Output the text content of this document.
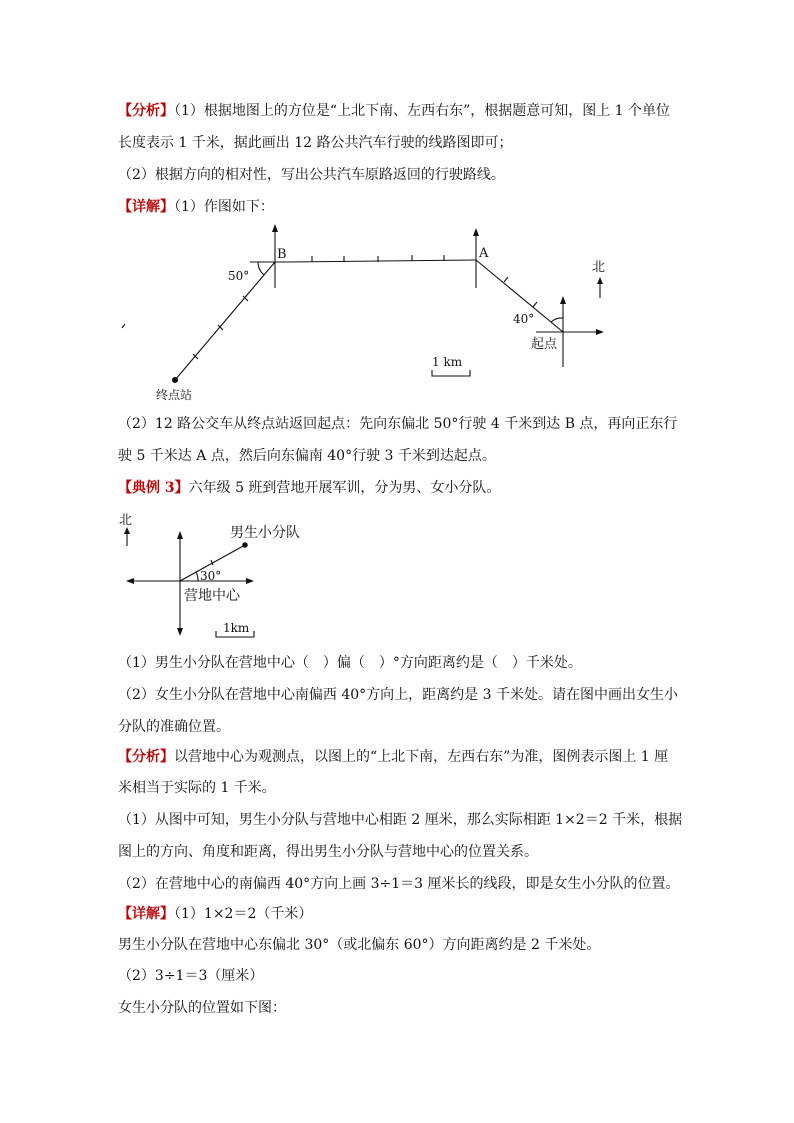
【分析】（1）根据地图上的方位是“上北下南、左西右东”，根据题意可知，图上 1 个单位
长度表示 1 千米，据此画出 12 路公共汽车行驶的线路图即可；
（2）根据方向的相对性，写出公共汽车原路返回的行驶路线。
【详解】（1）作图如下：
B	A
50°
40°
北
起点
终点站
1 km
（2）12 路公交车从终点站返回起点：先向东偏北 50°行驶 4 千米到达 B 点，再向正东行
驶 5 千米达 A 点，然后向东偏南 40°行驶 3 千米到达起点。
【典例 3】六年级 5 班到营地开展军训，分为男、女小分队。
北
男生小分队
30°
营地中心
1km
（1）男生小分队在营地中心（　）偏（　）°方向距离约是（　）千米处。
（2）女生小分队在营地中心南偏西 40°方向上，距离约是 3 千米处。请在图中画出女生小
分队的准确位置。
【分析】以营地中心为观测点，以图上的“上北下南，左西右东”为准，图例表示图上 1 厘
米相当于实际的 1 千米。
（1）从图中可知，男生小分队与营地中心相距 2 厘米，那么实际相距 1×2＝2 千米，根据
图上的方向、角度和距离，得出男生小分队与营地中心的位置关系。
（2）在营地中心的南偏西 40°方向上画 3÷1＝3 厘米长的线段，即是女生小分队的位置。
【详解】（1）1×2＝2（千米）
男生小分队在营地中心东偏北 30°（或北偏东 60°）方向距离约是 2 千米处。
（2）3÷1＝3（厘米）
女生小分队的位置如下图：
